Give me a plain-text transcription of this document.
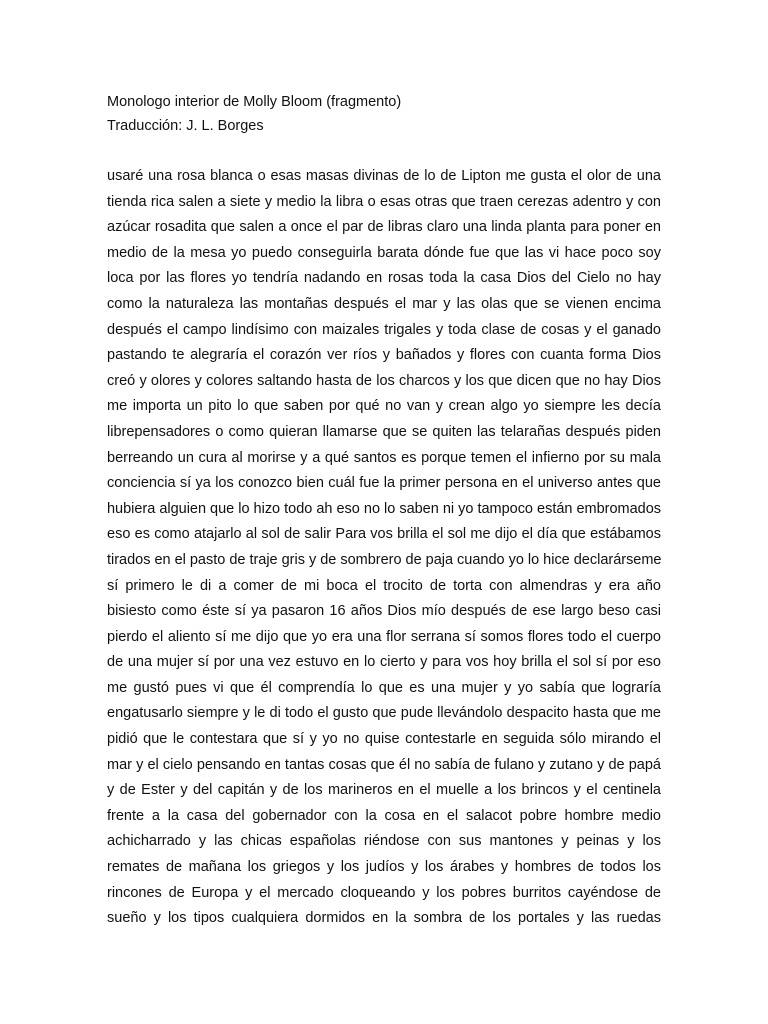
Monologo interior de Molly Bloom (fragmento)
Traducción: J. L. Borges
usaré una rosa blanca o esas masas divinas de lo de Lipton me gusta el olor de una
tienda rica salen a siete y medio la libra o esas otras que traen cerezas adentro y con
azúcar rosadita que salen a once el par de libras claro una linda planta para poner en
medio de la mesa yo puedo conseguirla barata dónde fue que las vi hace poco soy
loca por las flores yo tendría nadando en rosas toda la casa Dios del Cielo no hay
como la naturaleza las montañas después el mar y las olas que se vienen encima
después el campo lindísimo con maizales trigales y toda clase de cosas y el ganado
pastando te alegraría el corazón ver ríos y bañados y flores con cuanta forma Dios
creó y olores y colores saltando hasta de los charcos y los que dicen que no hay Dios
me importa un pito lo que saben por qué no van y crean algo yo siempre les decía
librepensadores o como quieran llamarse que se quiten las telarañas después piden
berreando un cura al morirse y a qué santos es porque temen el infierno por su mala
conciencia sí ya los conozco bien cuál fue la primer persona en el universo antes que
hubiera alguien que lo hizo todo ah eso no lo saben ni yo tampoco están embromados
eso es como atajarlo al sol de salir Para vos brilla el sol me dijo el día que estábamos
tirados en el pasto de traje gris y de sombrero de paja cuando yo lo hice declarárseme
sí primero le di a comer de mi boca el trocito de torta con almendras y era año
bisiesto como éste sí ya pasaron 16 años Dios mío después de ese largo beso casi
pierdo el aliento sí me dijo que yo era una flor serrana sí somos flores todo el cuerpo
de una mujer sí por una vez estuvo en lo cierto y para vos hoy brilla el sol sí por eso
me gustó pues vi que él comprendía lo que es una mujer y yo sabía que lograría
engatusarlo siempre y le di todo el gusto que pude llevándolo despacito hasta que me
pidió que le contestara que sí y yo no quise contestarle en seguida sólo mirando el
mar y el cielo pensando en tantas cosas que él no sabía de fulano y zutano y de papá
y de Ester y del capitán y de los marineros en el muelle a los brincos y el centinela
frente a la casa del gobernador con la cosa en el salacot pobre hombre medio
achicharrado y las chicas españolas riéndose con sus mantones y peinas y los
remates de mañana los griegos y los judíos y los árabes y hombres de todos los
rincones de Europa y el mercado cloqueando y los pobres burritos cayéndose de
sueño y los tipos cualquiera dormidos en la sombra de los portales y las ruedas
